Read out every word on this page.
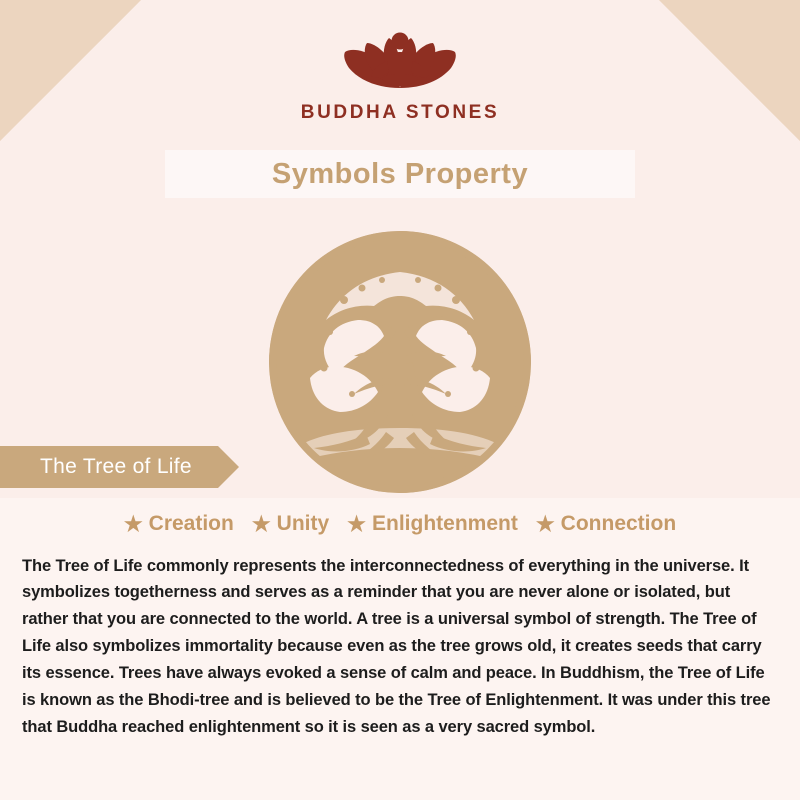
BUDDHA STONES
Symbols Property
The Tree of Life
★ Creation ★ Unity ★ Enlightenment ★ Connection

The Tree of Life commonly represents the interconnectedness of everything in the universe. It symbolizes togetherness and serves as a reminder that you are never alone or isolated, but rather that you are connected to the world. A tree is a universal symbol of strength. The Tree of Life also symbolizes immortality because even as the tree grows old, it creates seeds that carry its essence. Trees have always evoked a sense of calm and peace. In Buddhism, the Tree of Life is known as the Bhodi-tree and is believed to be the Tree of Enlightenment. It was under this tree that Buddha reached enlightenment so it is seen as a very sacred symbol.
